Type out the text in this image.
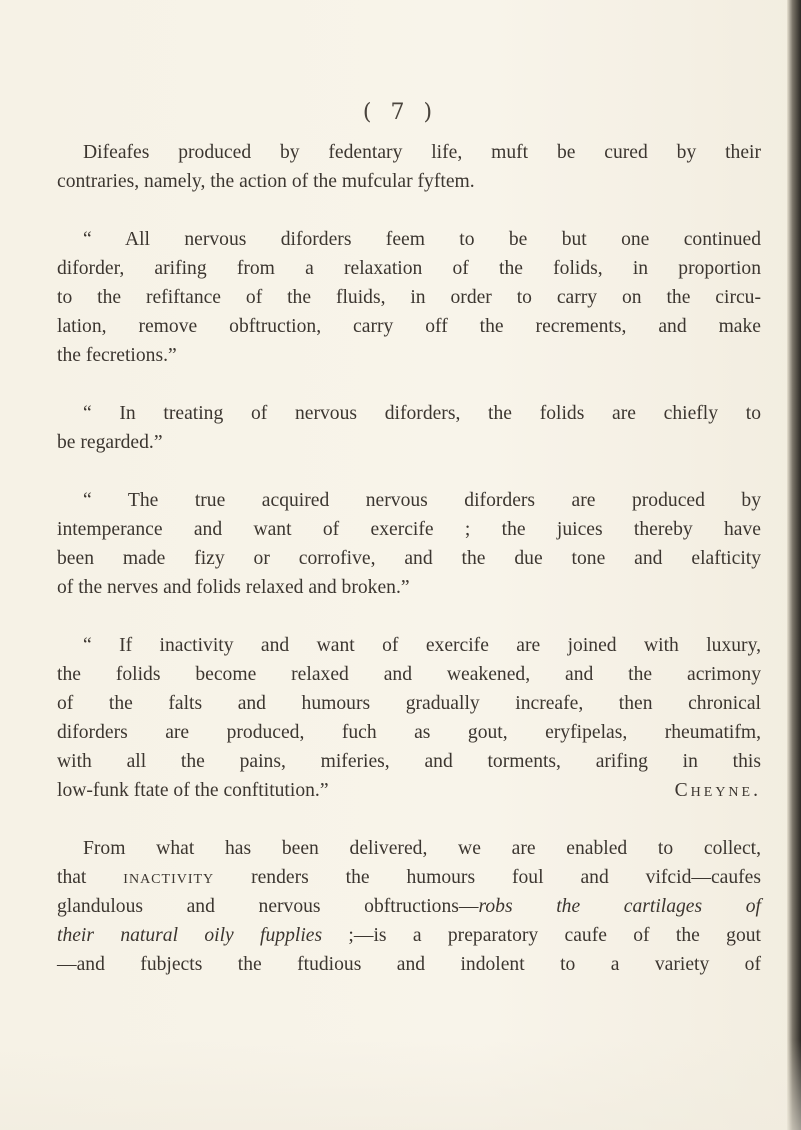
( 7 )

Difeafes produced by fedentary life, muft be cured by their
contraries, namely, the action of the mufcular fyftem.

“ All nervous diforders feem to be but one continued
diforder, arifing from a relaxation of the folids, in proportion
to the refiftance of the fluids, in order to carry on the circu-
lation, remove obftruction, carry off the recrements, and make
the fecretions.”

“ In treating of nervous diforders, the folids are chiefly to
be regarded.”

“ The true acquired nervous diforders are produced by
intemperance and want of exercife ; the juices thereby have
been made fizy or corrofive, and the due tone and elafticity
of the nerves and folids relaxed and broken.”

“ If inactivity and want of exercife are joined with luxury,
the folids become relaxed and weakened, and the acrimony
of the falts and humours gradually increafe, then chronical
diforders are produced, fuch as gout, eryfipelas, rheumatifm,
with all the pains, miferies, and torments, arifing in this
low-funk ftate of the conftitution.”	Cheyne.

From what has been delivered, we are enabled to collect,
that inactivity renders the humours foul and vifcid—caufes
glandulous and nervous obftructions—robs the cartilages of
their natural oily fupplies ;—is a preparatory caufe of the gout
—and fubjects the ftudious and indolent to a variety of
